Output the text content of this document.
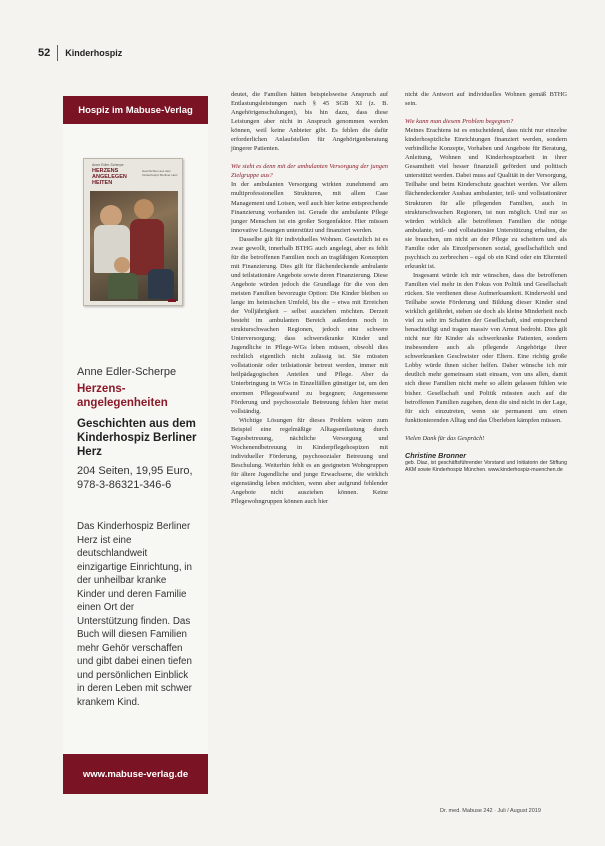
52 Kinderhospiz
Hospiz im Mabuse-Verlag
Anne Edler-Scherpe
HERZENS
ANGELEGEN
HEITEN
Geschichten aus dem Kinderhospiz Berliner Herz
Anne Edler-Scherpe
Herzens-angelegenheiten
Geschichten aus dem Kinderhospiz Berliner Herz
204 Seiten, 19,95 Euro, 978-3-86321-346-6
Das Kinderhospiz Berliner Herz ist eine deutschlandweit einzigartige Einrichtung, in der unheilbar kranke Kinder und deren Familie einen Ort der Unterstützung finden. Das Buch will diesen Familien mehr Gehör verschaffen und gibt dabei einen tiefen und persönlichen Einblick in deren Leben mit schwer krankem Kind.
www.mabuse-verlag.de

deutet, die Familien hätten beispielsweise Anspruch auf Entlastungsleistungen nach § 45 SGB XI (z. B. Angehörigenschulungen), bis hin dazu, dass diese Leistungen aber nicht in Anspruch genommen werden können, weil keine Anbieter gibt. Es fehlen die dafür erforderlichen Anlaufstellen für Angehörigenberatung jüngerer Patienten.

Wie sieht es denn mit der ambulanten Versorgung der jungen Zielgruppe aus?

In der ambulanten Versorgung wirkten zunehmend am multiprofessionellen Strukturen, mit allem Case Management und Lotsen, weil auch hier keine entsprechende Finanzierung vorhanden ist. Gerade die ambulante Pflege junger Menschen ist ein großer Sorgenfaktor. Hier müssen innovative Lösungen unterstützt und finanziert werden.

Dasselbe gilt für individuelles Wohnen. Gesetzlich ist es zwar gewollt, innerhalb BTHG auch angelegt, aber es fehlt für die betroffenen Familien noch an tragfähigen Konzepten mit Finanzierung. Dies gilt für flächendeckende ambulante und teilstationäre Angebote sowie deren Finanzierung. Diese Angebote würden jedoch die Grundlage für die von den meisten Familien bevorzugte Option: Die Kinder bleiben so lange im heimischen Umfeld, bis die – etwa mit Erreichen der Volljährigkeit – selbst ausziehen möchten. Derzeit besteht im ambulanten Bereich außerdem noch in strukturschwachen Regionen, jedoch eine schwere Unterversorgung; dass schwerstkranke Kinder und Jugendliche in Pflege-WGs leben müssen, obwohl dies rechtlich eigentlich nicht zulässig ist. Sie müssten vollstationär oder teilstationär betreut werden, immer mit heilpädagogischen Anteilen und Pflege. Aber da Unterbringung in WGs in Einzelfällen günstiger ist, um den enormen Pflegeaufwand zu begegnen; Angemessene Förderung und psychosoziale Betreuung fehlen hier meist vollständig.

Wichtige Lösungen für dieses Problem wären zum Beispiel eine regelmäßige Alltagsentlastung durch Tagesbetreuung, nächtliche Versorgung und Wochenendbetreuung in Kinderpflegehospizen mit individueller Förderung, psychosozialer Betreuung und Beschulung. Weiterhin fehlt es an geeigneten Wohngruppen für ältere Jugendliche und junge Erwachsene, die wirklich eigenständig leben möchten, wenn aber aufgrund fehlender Angebote nicht ausziehen können. Keine Pflegewohngruppen können auch hier

nicht die Antwort auf individuelles Wohnen gemäß BTHG sein.

Wie kann man diesem Problem begegnen?

Meines Erachtens ist es entscheidend, dass nicht nur einzelne kinderhospizliche Einrichtungen finanziert werden, sondern verbindliche Konzepte, Vorhaben und Angebote für Beratung, Anleitung, Wohnen und Kinderhospizarbeit in ihrer Gesamtheit viel besser finanziell gefördert und politisch unterstützt werden. Dabei muss auf Qualität in der Versorgung, Teilhabe und beim Kinderschutz geachtet werden. Vor allem flächendeckender Ausbau ambulanter, teil- und vollstationärer Strukturen für alle pflegenden Familien, auch in strukturschwachen Regionen, ist nun möglich. Und nur so würden wirklich alle betroffenen Familien die nötige ambulante, teil- und vollstationäre Unterstützung erhalten, die sie brauchen, um nicht an der Pflege zu scheitern und als Familie oder als Einzelpersonen sozial, gesellschaftlich und psychisch zu zerbrechen – egal ob ein Kind oder ein Elternteil erkrankt ist.

Insgesamt würde ich mir wünschen, dass die betroffenen Familien viel mehr in den Fokus von Politik und Gesellschaft rücken. Sie verdienen diese Aufmerksamkeit. Kinderwohl und Teilhabe sowie Förderung und Bildung dieser Kinder sind wirklich gefährdet, stehen sie doch als kleine Minderheit noch viel zu sehr im Schatten der Gesellschaft, sind entsprechend benachteiligt und tragen massiv von Armut bedroht. Dies gilt nicht nur für Kinder als schwerkranke Patienten, sondern insbesondere auch als pflegende Angehörige ihrer schwerkranken Geschwister oder Eltern. Eine richtig große Lobby würde ihnen sicher helfen. Daher wünsche ich mir deutlich mehr gemeinsam statt einsam, von uns allen, damit sich diese Familien nicht mehr so allein gelassen fühlen wie bisher. Gesellschaft und Politik müssten auch auf die betroffenen Familien zugehen, denn die sind nicht in der Lage, für sich einzutreten, wenn sie permanent um einen funktionierenden Alltag und das Überleben kämpfen müssen.

Vielen Dank für das Gespräch!

Christine Bronner

geb. Diaz, ist geschäftsführender Vorstand und Initiatorin der Stiftung AKM sowie Kinderhospiz München. www.kinderhospiz-muenchen.de

Dr. med. Mabuse 242 · Juli / August 2019
